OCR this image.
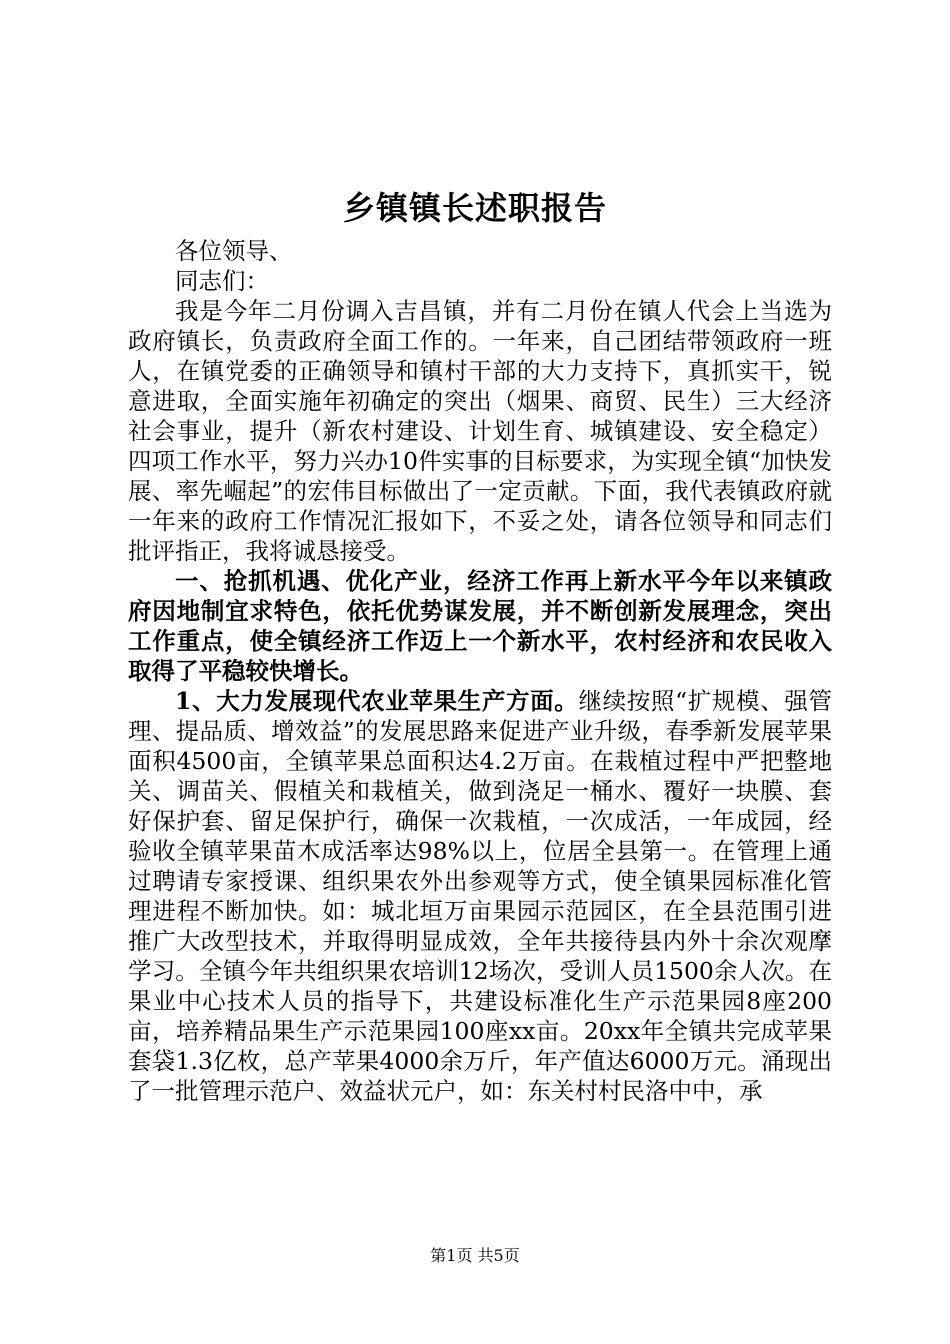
乡镇镇长述职报告

各位领导、

同志们：

我是今年二月份调入吉昌镇，并有二月份在镇人代会上当选为政府镇长，负责政府全面工作的。一年来，自己团结带领政府一班人，在镇党委的正确领导和镇村干部的大力支持下，真抓实干，锐意进取，全面实施年初确定的突出（烟果、商贸、民生）三大经济社会事业，提升（新农村建设、计划生育、城镇建设、安全稳定）四项工作水平，努力兴办10件实事的目标要求，为实现全镇“加快发展、率先崛起”的宏伟目标做出了一定贡献。下面，我代表镇政府就一年来的政府工作情况汇报如下，不妥之处，请各位领导和同志们批评指正，我将诚恳接受。

一、抢抓机遇、优化产业，经济工作再上新水平今年以来镇政府因地制宜求特色，依托优势谋发展，并不断创新发展理念，突出工作重点，使全镇经济工作迈上一个新水平，农村经济和农民收入取得了平稳较快增长。

1、大力发展现代农业苹果生产方面。继续按照“扩规模、强管理、提品质、增效益”的发展思路来促进产业升级，春季新发展苹果面积4500亩，全镇苹果总面积达4.2万亩。在栽植过程中严把整地关、调苗关、假植关和栽植关，做到浇足一桶水、覆好一块膜、套好保护套、留足保护行，确保一次栽植，一次成活，一年成园，经验收全镇苹果苗木成活率达98%以上，位居全县第一。在管理上通过聘请专家授课、组织果农外出参观等方式，使全镇果园标准化管理进程不断加快。如：城北垣万亩果园示范园区，在全县范围引进推广大改型技术，并取得明显成效，全年共接待县内外十余次观摩学习。全镇今年共组织果农培训12场次，受训人员1500余人次。在果业中心技术人员的指导下，共建设标准化生产示范果园8座200亩，培养精品果生产示范果园100座xx亩。20xx年全镇共完成苹果套袋1.3亿枚，总产苹果4000余万斤，年产值达6000万元。涌现出了一批管理示范户、效益状元户，如：东关村村民洛中中，承

第1页 共5页
